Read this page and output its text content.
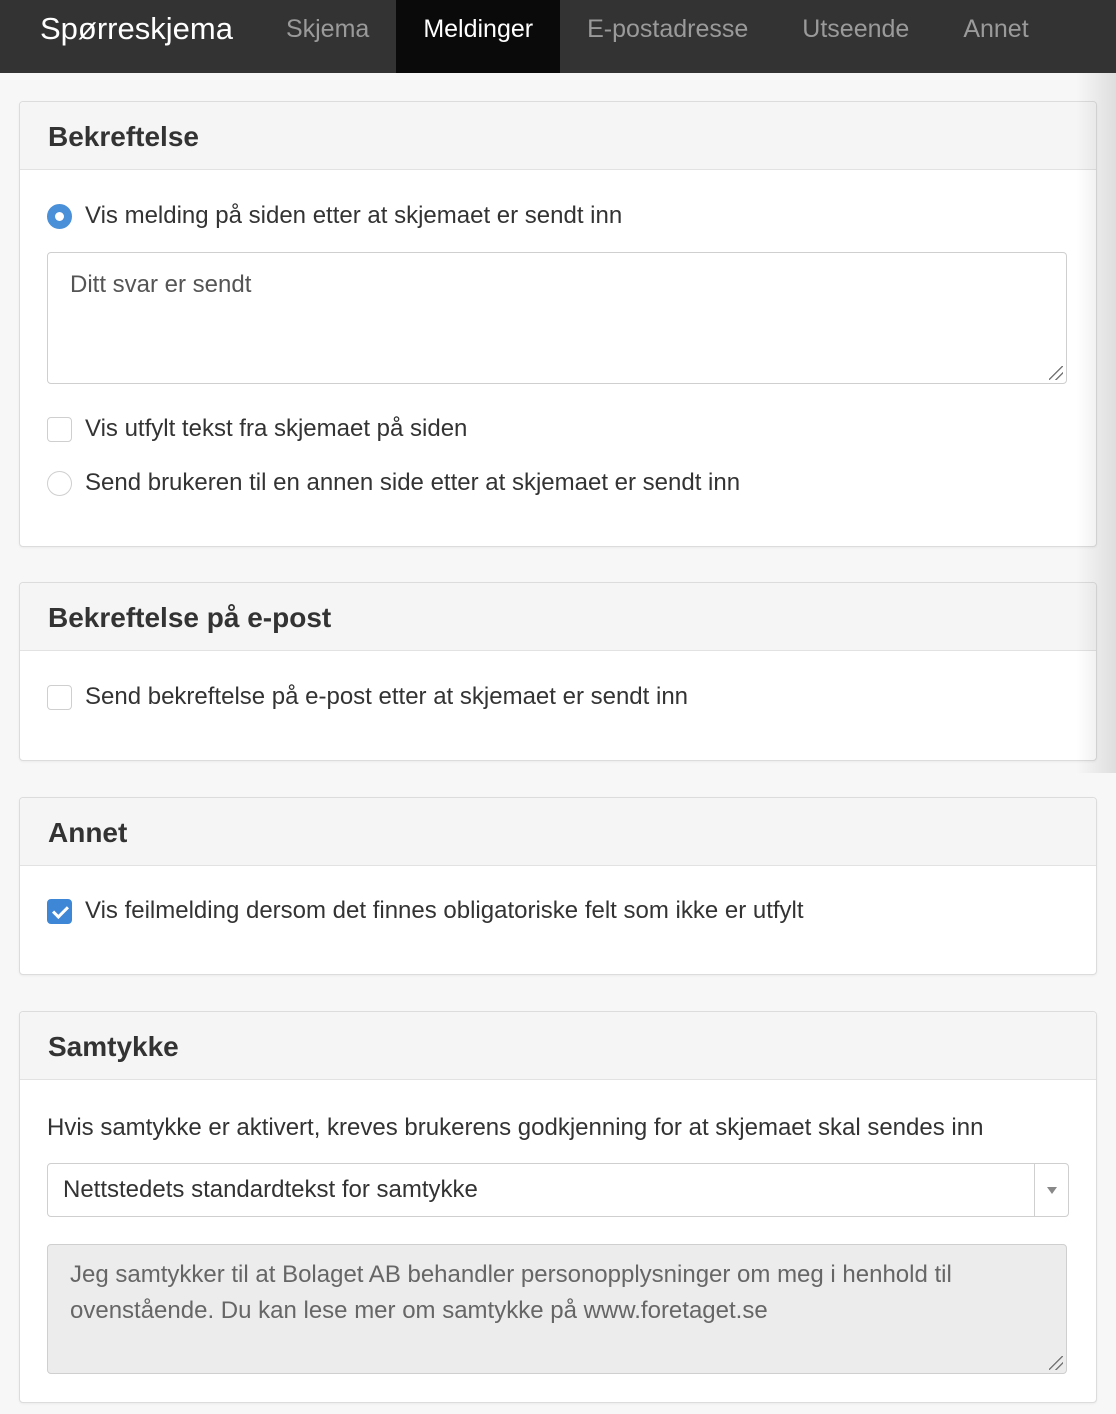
Spørreskjema	Skjema	Meldinger	E-postadresse	Utseende	Annet
Bekreftelse
Vis melding på siden etter at skjemaet er sendt inn
Ditt svar er sendt
Vis utfylt tekst fra skjemaet på siden
Send brukeren til en annen side etter at skjemaet er sendt inn
Bekreftelse på e-post
Send bekreftelse på e-post etter at skjemaet er sendt inn
Annet
Vis feilmelding dersom det finnes obligatoriske felt som ikke er utfylt
Samtykke
Hvis samtykke er aktivert, kreves brukerens godkjenning for at skjemaet skal sendes inn
Nettstedets standardtekst for samtykke
Jeg samtykker til at Bolaget AB behandler personopplysninger om meg i henhold til ovenstående. Du kan lese mer om samtykke på www.foretaget.se
